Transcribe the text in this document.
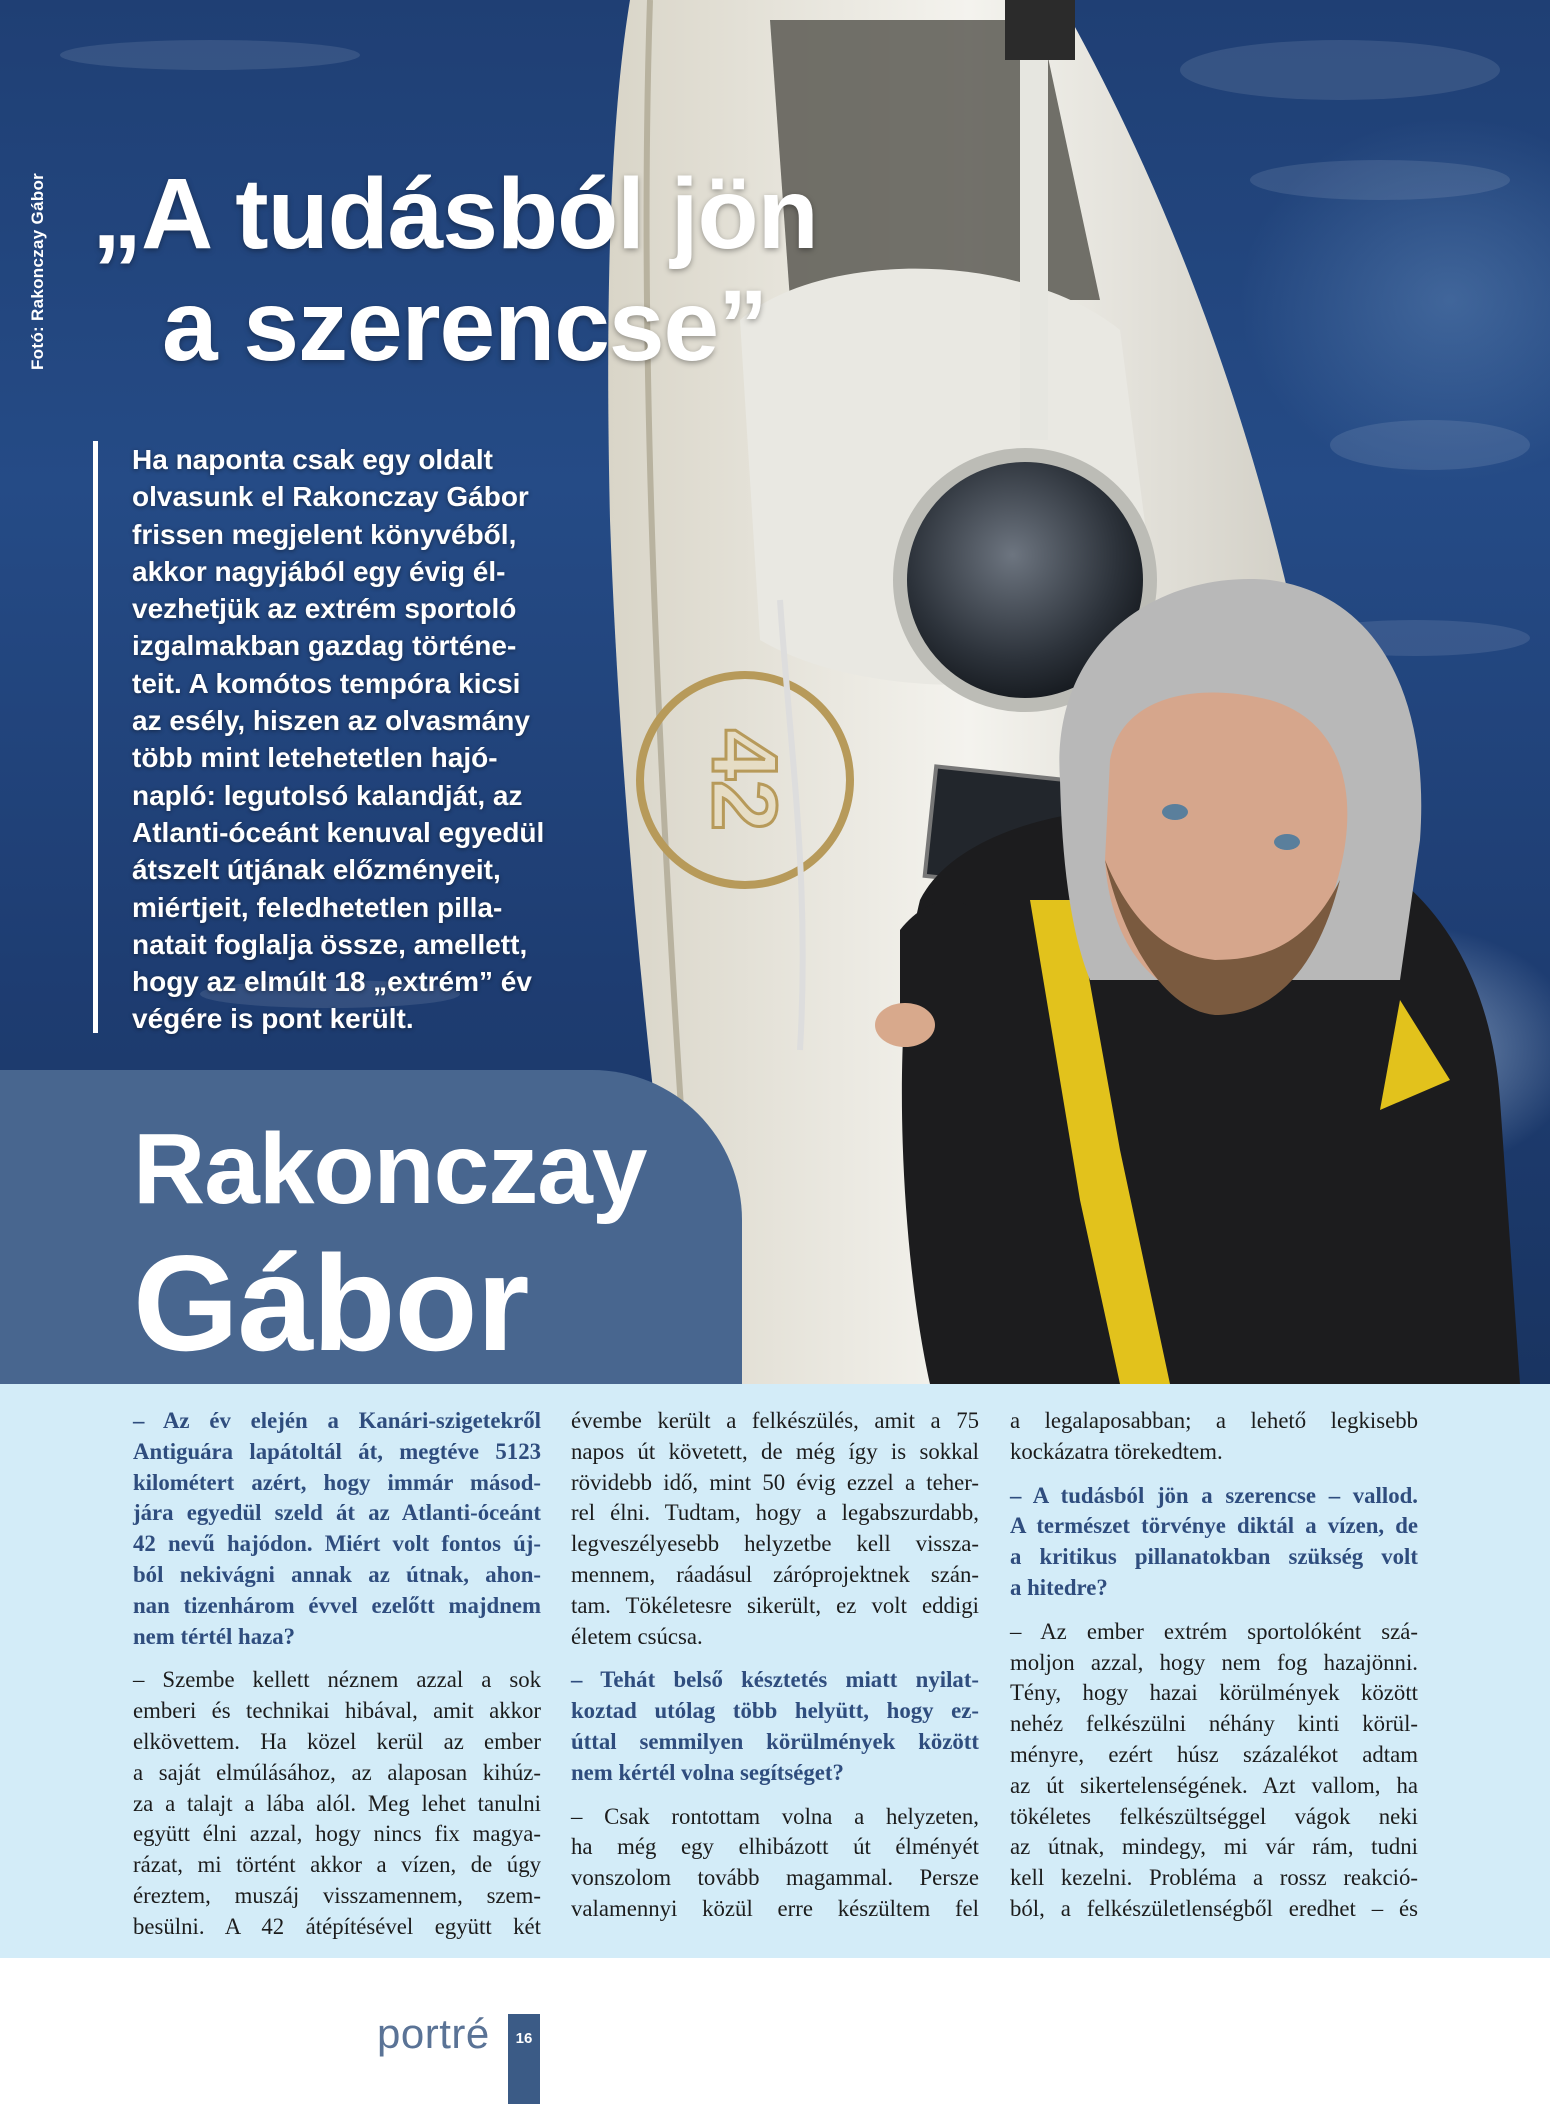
42
Fotó: Rakonczay Gábor „A tudásból jön
a szerencse”

Ha naponta csak egy oldalt
olvasunk el Rakonczay Gábor
frissen megjelent könyvéből,
akkor nagyjából egy évig él-
vezhetjük az extrém sportoló
izgalmakban gazdag történe-
teit. A komótos tempóra kicsi
az esély, hiszen az olvasmány
több mint letehetetlen hajó-
napló: legutolsó kalandját, az
Atlanti-óceánt kenuval egyedül
átszelt útjának előzményeit,
miértjeit, feledhetetlen pilla-
natait foglalja össze, amellett,
hogy az elmúlt 18 „extrém” év
végére is pont került.

Rakonczay
Gábor

– Az év elején a Kanári-szigetekről
Antiguára lapátoltál át, megtéve 5123
kilométert azért, hogy immár másod-
jára egyedül szeld át az Atlanti-óceánt
42 nevű hajódon. Miért volt fontos új-
ból nekivágni annak az útnak, ahon-
nan tizenhárom évvel ezelőtt majdnem
nem tértél haza?

– Szembe kellett néznem azzal a sok
emberi és technikai hibával, amit akkor
elkövettem. Ha közel kerül az ember
a saját elmúlásához, az alaposan kihúz-
za a talajt a lába alól. Meg lehet tanulni
együtt élni azzal, hogy nincs fix magya-
rázat, mi történt akkor a vízen, de úgy
éreztem, muszáj visszamennem, szem-
besülni. A 42 átépítésével együtt két

évembe került a felkészülés, amit a 75
napos út követett, de még így is sokkal
rövidebb idő, mint 50 évig ezzel a teher-
rel élni. Tudtam, hogy a legabszurdabb,
legveszélyesebb helyzetbe kell vissza-
mennem, ráadásul záróprojektnek szán-
tam. Tökéletesre sikerült, ez volt eddigi
életem csúcsa.

– Tehát belső késztetés miatt nyilat-
koztad utólag több helyütt, hogy ez-
úttal semmilyen körülmények között
nem kértél volna segítséget?

– Csak rontottam volna a helyzeten,
ha még egy elhibázott út élményét
vonszolom tovább magammal. Persze
valamennyi közül erre készültem fel

a legalaposabban; a lehető legkisebb
kockázatra törekedtem.

– A tudásból jön a szerencse – vallod.
A természet törvénye diktál a vízen, de
a kritikus pillanatokban szükség volt
a hitedre?

– Az ember extrém sportolóként szá-
moljon azzal, hogy nem fog hazajönni.
Tény, hogy hazai körülmények között
nehéz felkészülni néhány kinti körül-
ményre, ezért húsz százalékot adtam
az út sikertelenségének. Azt vallom, ha
tökéletes felkészültséggel vágok neki
az útnak, mindegy, mi vár rám, tudni
kell kezelni. Probléma a rossz reakció-
ból, a felkészületlenségből eredhet – és

portré	16
